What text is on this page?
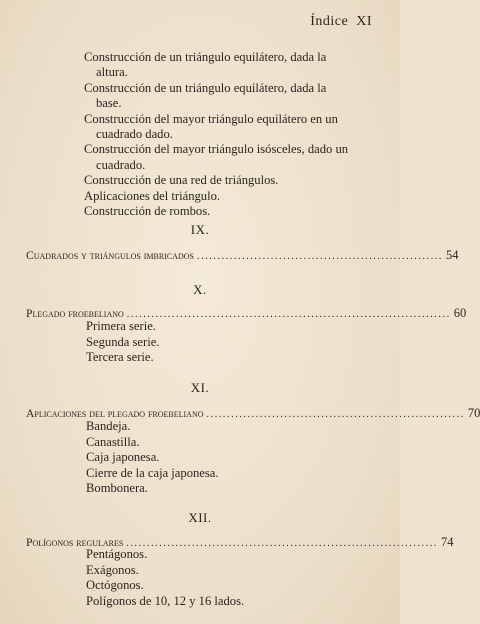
Índice XI
Construcción de un triángulo equilátero, dada la
altura.
Construcción de un triángulo equilátero, dada la
base.
Construcción del mayor triángulo equilátero en un
cuadrado dado.
Construcción del mayor triángulo isósceles, dado un
cuadrado.
Construcción de una red de triángulos.
Aplicaciones del triángulo.
Construcción de rombos.
IX.
Cuadrados y triángulos imbricados ............................................................ 54
X.
Plegado froebeliano ............................................................................... 60
Primera serie.
Segunda serie.
Tercera serie.
XI.
Aplicaciones del plegado froebeliano ............................................................... 70
Bandeja.
Canastilla.
Caja japonesa.
Cierre de la caja japonesa.
Bombonera.
XII.
Polígonos regulares ............................................................................ 74
Pentágonos.
Exágonos.
Octógonos.
Polígonos de 10, 12 y 16 lados.
